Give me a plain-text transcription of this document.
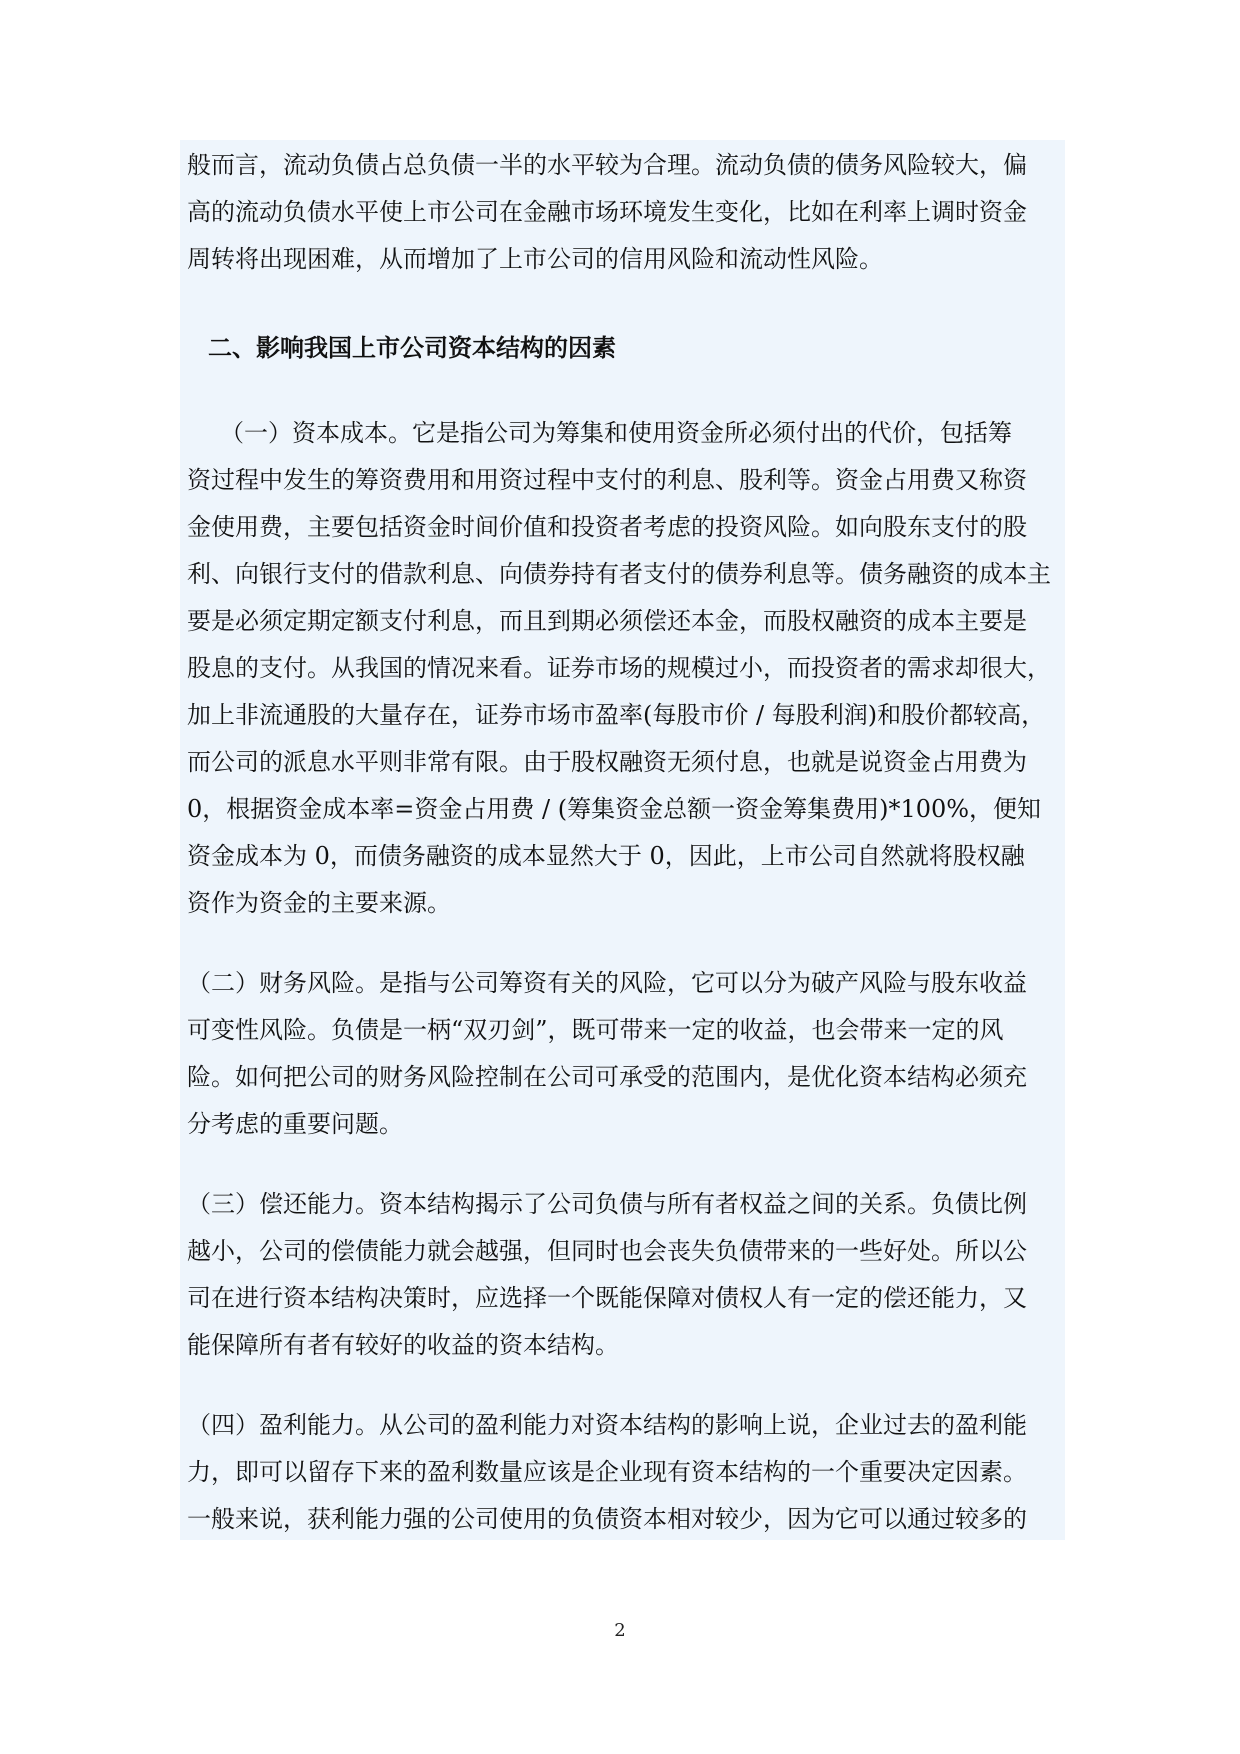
般而言，流动负债占总负债一半的水平较为合理。流动负债的债务风险较大，偏
高的流动负债水平使上市公司在金融市场环境发生变化，比如在利率上调时资金
周转将出现困难，从而增加了上市公司的信用风险和流动性风险。
二、影响我国上市公司资本结构的因素
（一）资本成本。它是指公司为筹集和使用资金所必须付出的代价，包括筹
资过程中发生的筹资费用和用资过程中支付的利息、股利等。资金占用费又称资
金使用费，主要包括资金时间价值和投资者考虑的投资风险。如向股东支付的股
利、向银行支付的借款利息、向债券持有者支付的债券利息等。债务融资的成本主
要是必须定期定额支付利息，而且到期必须偿还本金，而股权融资的成本主要是
股息的支付。从我国的情况来看。证券市场的规模过小，而投资者的需求却很大，
加上非流通股的大量存在，证券市场市盈率(每股市价 / 每股利润)和股价都较高，
而公司的派息水平则非常有限。由于股权融资无须付息，也就是说资金占用费为
0，根据资金成本率=资金占用费 / (筹集资金总额一资金筹集费用)*100%，便知
资金成本为 0，而债务融资的成本显然大于 0，因此，上市公司自然就将股权融
资作为资金的主要来源。
（二）财务风险。是指与公司筹资有关的风险，它可以分为破产风险与股东收益
可变性风险。负债是一柄“双刃剑”，既可带来一定的收益，也会带来一定的风
险。如何把公司的财务风险控制在公司可承受的范围内，是优化资本结构必须充
分考虑的重要问题。
（三）偿还能力。资本结构揭示了公司负债与所有者权益之间的关系。负债比例
越小，公司的偿债能力就会越强，但同时也会丧失负债带来的一些好处。所以公
司在进行资本结构决策时，应选择一个既能保障对债权人有一定的偿还能力，又
能保障所有者有较好的收益的资本结构。
（四）盈利能力。从公司的盈利能力对资本结构的影响上说，企业过去的盈利能
力，即可以留存下来的盈利数量应该是企业现有资本结构的一个重要决定因素。
一般来说，获利能力强的公司使用的负债资本相对较少，因为它可以通过较多的
2
